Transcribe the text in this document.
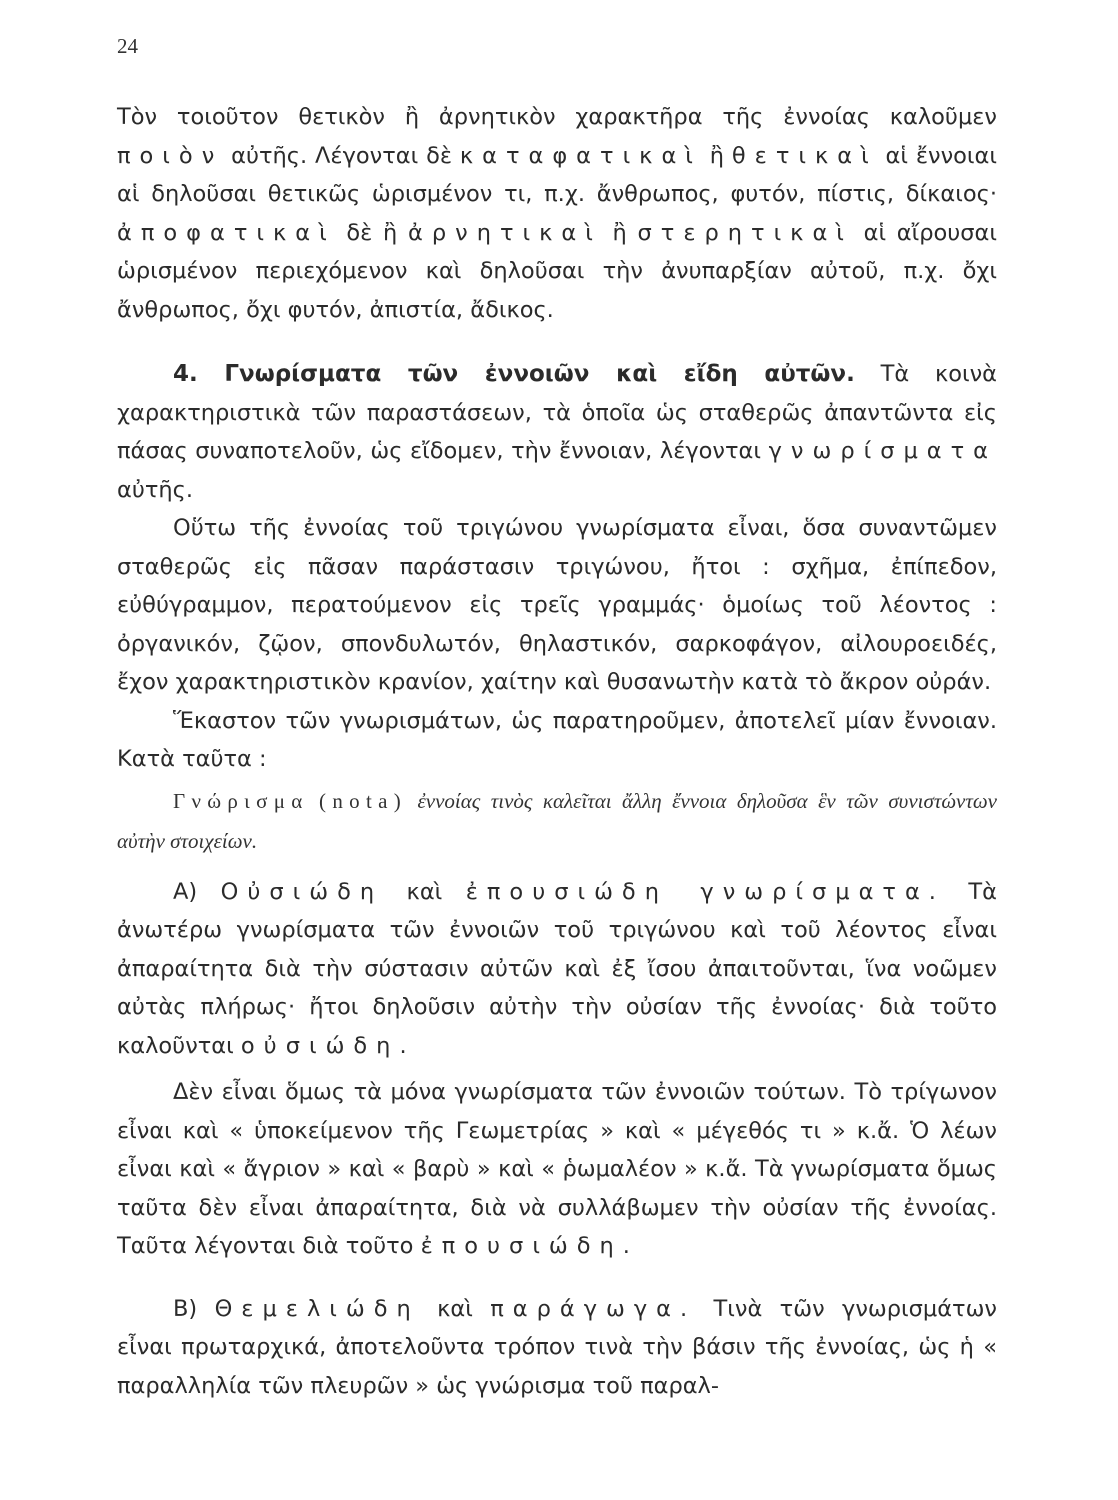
24

Τὸν τοιοῦτον θετικὸν ἢ ἀρνητικὸν χαρακτῆρα τῆς ἐννοίας καλοῦμεν ποιὸν αὐτῆς. Λέγονται δὲ καταφατικαὶ ἢ θετικαὶ αἱ ἔννοιαι αἱ δηλοῦσαι θετικῶς ὡρισμένον τι, π.χ. ἄνθρωπος, φυτόν, πίστις, δίκαιος· ἀποφατικαὶ δὲ ἢ ἀρνητικαὶ ἢ στερητικαὶ αἱ αἴρουσαι ὡρισμένον περιεχόμενον καὶ δηλοῦσαι τὴν ἀνυπαρξίαν αὐτοῦ, π.χ. ὄχι ἄνθρωπος, ὄχι φυτόν, ἀπιστία, ἄδικος.

4. Γνωρίσματα τῶν ἐννοιῶν καὶ εἴδη αὐτῶν. Τὰ κοινὰ χαρακτηριστικὰ τῶν παραστάσεων, τὰ ὁποῖα ὡς σταθερῶς ἀπαντῶντα εἰς πάσας συναποτελοῦν, ὡς εἴδομεν, τὴν ἔννοιαν, λέγονται γνωρίσματα αὐτῆς.

Οὕτω τῆς ἐννοίας τοῦ τριγώνου γνωρίσματα εἶναι, ὅσα συναντῶμεν σταθερῶς εἰς πᾶσαν παράστασιν τριγώνου, ἤτοι : σχῆμα, ἐπίπεδον, εὐθύγραμμον, περατούμενον εἰς τρεῖς γραμμάς· ὁμοίως τοῦ λέοντος : ὀργανικόν, ζῷον, σπονδυλωτόν, θηλαστικόν, σαρκοφάγον, αἰλουροειδές, ἔχον χαρακτηριστικὸν κρανίον, χαίτην καὶ θυσανωτὴν κατὰ τὸ ἄκρον οὐράν.

Ἕκαστον τῶν γνωρισμάτων, ὡς παρατηροῦμεν, ἀποτελεῖ μίαν ἔννοιαν. Κατὰ ταῦτα :

Γνώρισμα (nota) ἐννοίας τινὸς καλεῖται ἄλλη ἔννοια δηλοῦσα ἓν τῶν συνιστώντων αὐτὴν στοιχείων.

Α) Οὐσιώδη καὶ ἐπουσιώδη γνωρίσματα. Τὰ ἀνωτέρω γνωρίσματα τῶν ἐννοιῶν τοῦ τριγώνου καὶ τοῦ λέοντος εἶναι ἀπαραίτητα διὰ τὴν σύστασιν αὐτῶν καὶ ἐξ ἴσου ἀπαιτοῦνται, ἵνα νοῶμεν αὐτὰς πλήρως· ἤτοι δηλοῦσιν αὐτὴν τὴν οὐσίαν τῆς ἐννοίας· διὰ τοῦτο καλοῦνται οὐσιώδη.

Δὲν εἶναι ὅμως τὰ μόνα γνωρίσματα τῶν ἐννοιῶν τούτων. Τὸ τρίγωνον εἶναι καὶ « ὑποκείμενον τῆς Γεωμετρίας » καὶ « μέγεθός τι » κ.ἄ. Ὁ λέων εἶναι καὶ « ἄγριον » καὶ « βαρὺ » καὶ « ῥωμαλέον » κ.ἄ. Τὰ γνωρίσματα ὅμως ταῦτα δὲν εἶναι ἀπαραίτητα, διὰ νὰ συλλάβωμεν τὴν οὐσίαν τῆς ἐννοίας. Ταῦτα λέγονται διὰ τοῦτο ἐπουσιώδη.

Β) Θεμελιώδη καὶ παράγωγα. Τινὰ τῶν γνωρισμάτων εἶναι πρωταρχικά, ἀποτελοῦντα τρόπον τινὰ τὴν βάσιν τῆς ἐννοίας, ὡς ἡ « παραλληλία τῶν πλευρῶν » ὡς γνώρισμα τοῦ παραλ-
